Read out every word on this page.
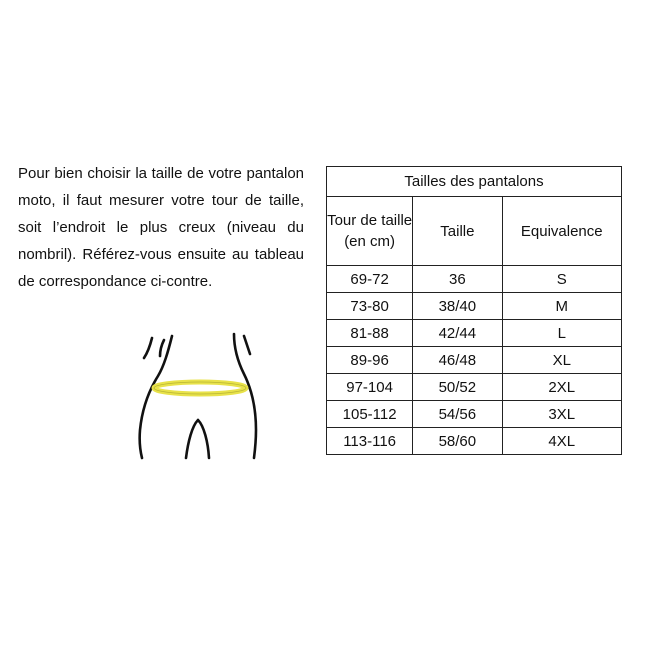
Pour bien choisir la taille de votre pantalon moto, il faut mesurer votre tour de taille, soit l’endroit le plus creux (niveau du nombril). Référez-vous ensuite au tableau de correspondance ci-contre.

Tailles des pantalons		
Tour de taille (en cm)	Taille	Equivalence
69-72	36	S
73-80	38/40	M
81-88	42/44	L
89-96	46/48	XL
97-104	50/52	2XL
105-112	54/56	3XL
113-116	58/60	4XL
